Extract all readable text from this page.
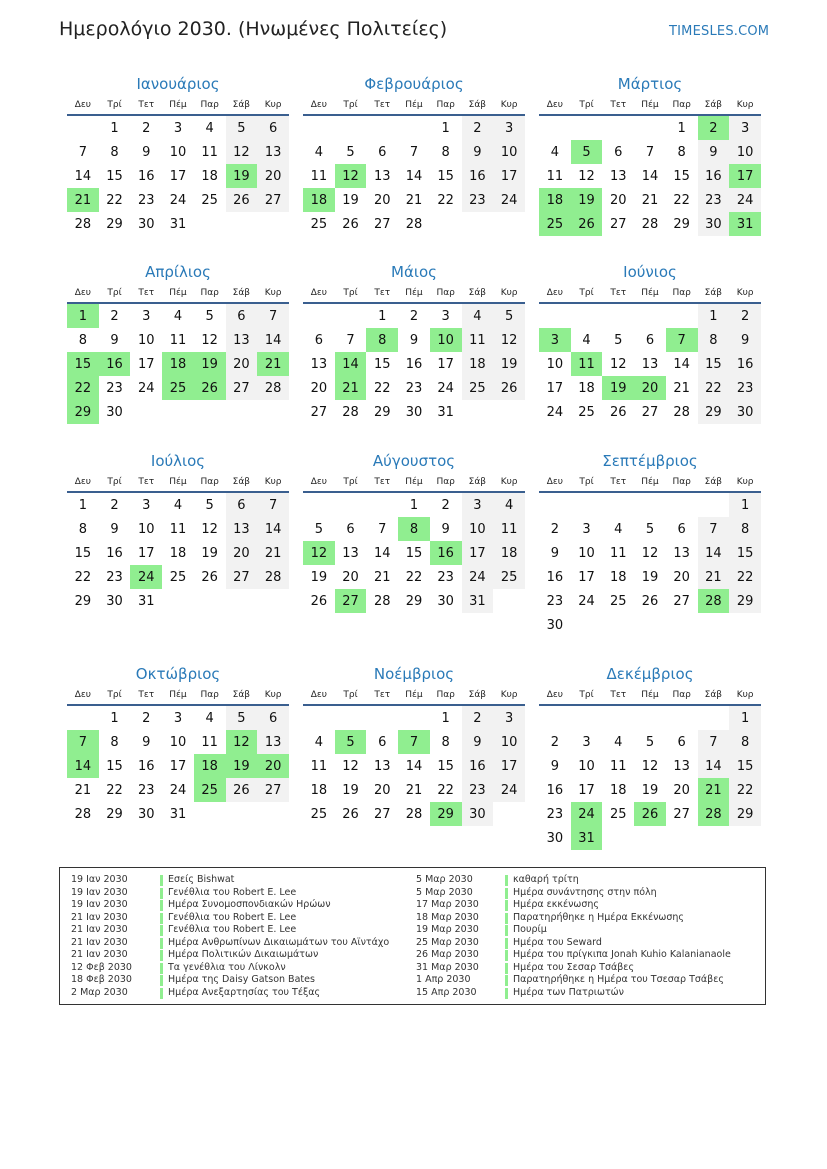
Ημερολόγιο 2030. (Ηνωμένες Πολιτείες)	TIMESLES.COM
Ιανουάριος
Δευ	Τρί	Τετ	Πέμ	Παρ	Σάβ	Κυρ
	1	2	3	4	5	6
7	8	9	10	11	12	13
14	15	16	17	18	19	20
21	22	23	24	25	26	27
28	29	30	31			
Φεβρουάριος
Δευ	Τρί	Τετ	Πέμ	Παρ	Σάβ	Κυρ
				1	2	3
4	5	6	7	8	9	10
11	12	13	14	15	16	17
18	19	20	21	22	23	24
25	26	27	28			
Μάρτιος
Δευ	Τρί	Τετ	Πέμ	Παρ	Σάβ	Κυρ
				1	2	3
4	5	6	7	8	9	10
11	12	13	14	15	16	17
18	19	20	21	22	23	24
25	26	27	28	29	30	31
Απρίλιος
Δευ	Τρί	Τετ	Πέμ	Παρ	Σάβ	Κυρ
1	2	3	4	5	6	7
8	9	10	11	12	13	14
15	16	17	18	19	20	21
22	23	24	25	26	27	28
29	30					
Μάιος
Δευ	Τρί	Τετ	Πέμ	Παρ	Σάβ	Κυρ
		1	2	3	4	5
6	7	8	9	10	11	12
13	14	15	16	17	18	19
20	21	22	23	24	25	26
27	28	29	30	31		
Ιούνιος
Δευ	Τρί	Τετ	Πέμ	Παρ	Σάβ	Κυρ
					1	2
3	4	5	6	7	8	9
10	11	12	13	14	15	16
17	18	19	20	21	22	23
24	25	26	27	28	29	30
Ιούλιος
Δευ	Τρί	Τετ	Πέμ	Παρ	Σάβ	Κυρ
1	2	3	4	5	6	7
8	9	10	11	12	13	14
15	16	17	18	19	20	21
22	23	24	25	26	27	28
29	30	31				
Αύγουστος
Δευ	Τρί	Τετ	Πέμ	Παρ	Σάβ	Κυρ
			1	2	3	4
5	6	7	8	9	10	11
12	13	14	15	16	17	18
19	20	21	22	23	24	25
26	27	28	29	30	31	
Σεπτέμβριος
Δευ	Τρί	Τετ	Πέμ	Παρ	Σάβ	Κυρ
						1
2	3	4	5	6	7	8
9	10	11	12	13	14	15
16	17	18	19	20	21	22
23	24	25	26	27	28	29
30						
Οκτώβριος
Δευ	Τρί	Τετ	Πέμ	Παρ	Σάβ	Κυρ
	1	2	3	4	5	6
7	8	9	10	11	12	13
14	15	16	17	18	19	20
21	22	23	24	25	26	27
28	29	30	31			
Νοέμβριος
Δευ	Τρί	Τετ	Πέμ	Παρ	Σάβ	Κυρ
				1	2	3
4	5	6	7	8	9	10
11	12	13	14	15	16	17
18	19	20	21	22	23	24
25	26	27	28	29	30	
Δεκέμβριος
Δευ	Τρί	Τετ	Πέμ	Παρ	Σάβ	Κυρ
						1
2	3	4	5	6	7	8
9	10	11	12	13	14	15
16	17	18	19	20	21	22
23	24	25	26	27	28	29
30	31					
19 Ιαν 2030	Εσείς Bishwat
19 Ιαν 2030	Γενέθλια του Robert E. Lee
19 Ιαν 2030	Ημέρα Συνομοσπονδιακών Ηρώων
21 Ιαν 2030	Γενέθλια του Robert E. Lee
21 Ιαν 2030	Γενέθλια του Robert E. Lee
21 Ιαν 2030	Ημέρα Ανθρωπίνων Δικαιωμάτων του Αϊντάχο
21 Ιαν 2030	Ημέρα Πολιτικών Δικαιωμάτων
12 Φεβ 2030	Τα γενέθλια του Λίνκολν
18 Φεβ 2030	Ημέρα της Daisy Gatson Bates
2 Μαρ 2030	Ημέρα Ανεξαρτησίας του Τέξας
5 Μαρ 2030	καθαρή τρίτη
5 Μαρ 2030	Ημέρα συνάντησης στην πόλη
17 Μαρ 2030	Ημέρα εκκένωσης
18 Μαρ 2030	Παρατηρήθηκε η Ημέρα Εκκένωσης
19 Μαρ 2030	Πουρίμ
25 Μαρ 2030	Ημέρα του Seward
26 Μαρ 2030	Ημέρα του πρίγκιπα Jonah Kuhio Kalanianaole
31 Μαρ 2030	Ημέρα του Σεσαρ Τσάβες
1 Απρ 2030	Παρατηρήθηκε η Ημέρα του Τσεσαρ Τσάβες
15 Απρ 2030	Ημέρα των Πατριωτών
